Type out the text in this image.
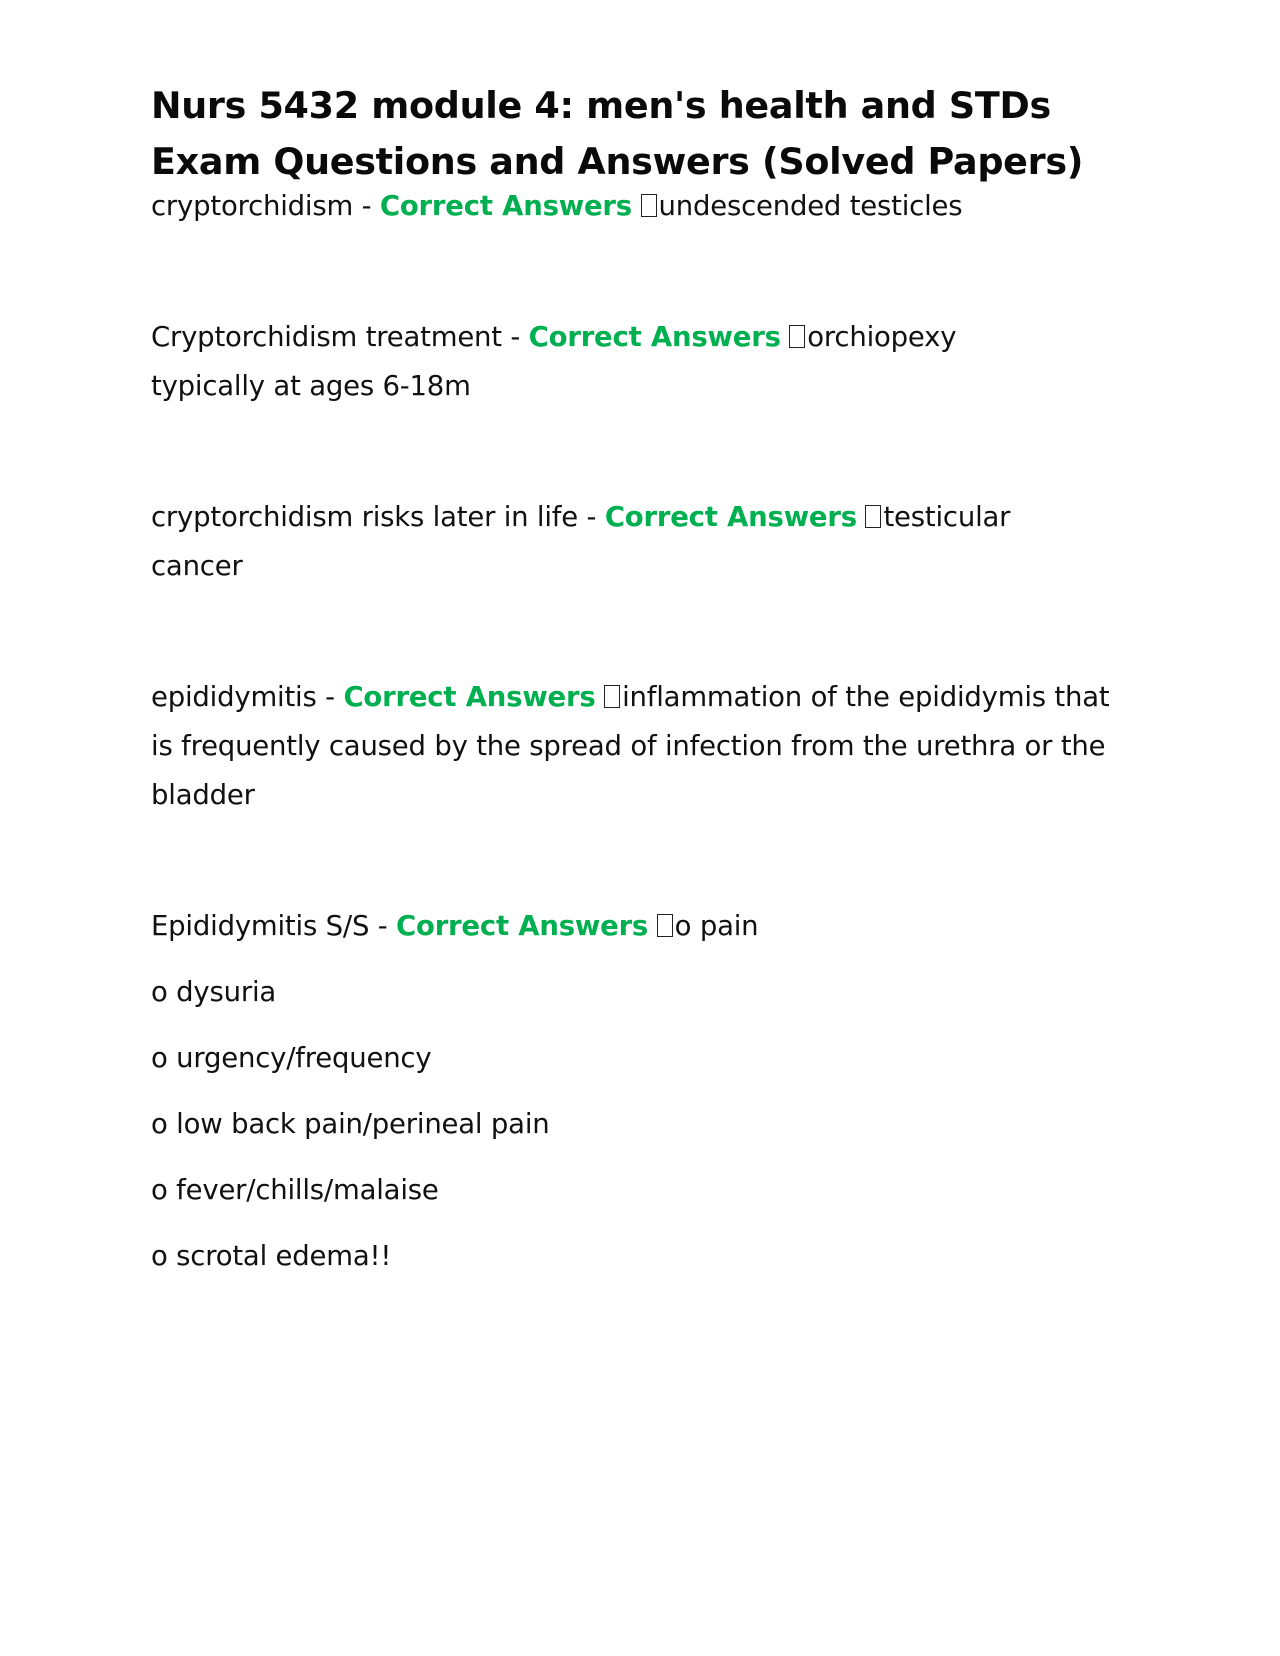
Nurs 5432 module 4: men's health and STDs
Exam Questions and Answers (Solved Papers)

cryptorchidism - Correct Answers undescended testicles

Cryptorchidism treatment - Correct Answers orchiopexy typically at ages 6-18m

cryptorchidism risks later in life - Correct Answers testicular cancer

epididymitis - Correct Answers inflammation of the epididymis that is frequently caused by the spread of infection from the urethra or the bladder

Epididymitis S/S - Correct Answers o pain

o dysuria

o urgency/frequency

o low back pain/perineal pain

o fever/chills/malaise

o scrotal edema!!
